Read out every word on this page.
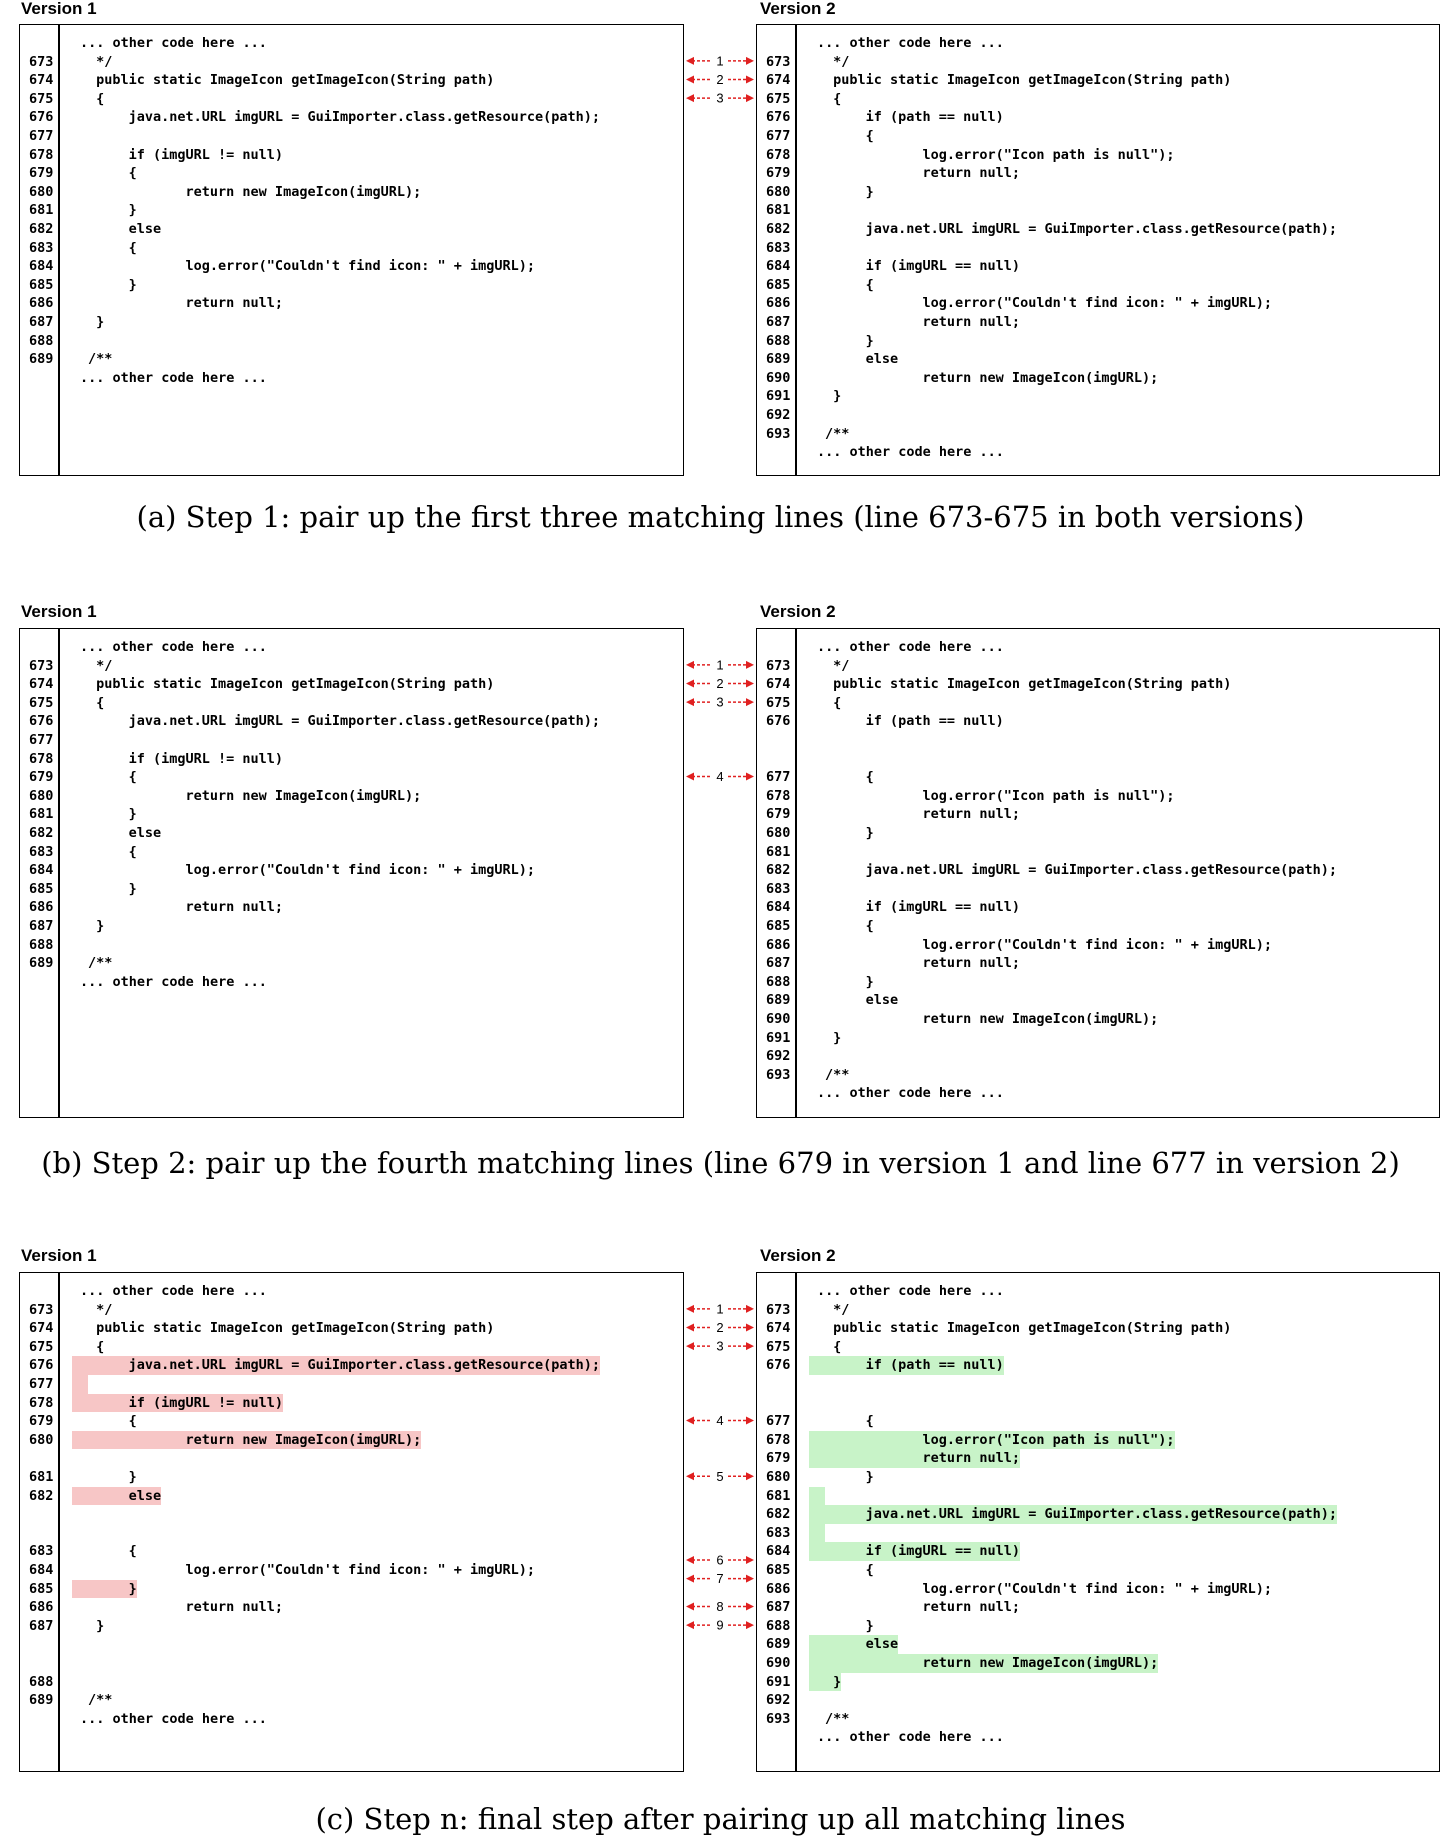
1
2
3
1
2
3
4
1
2
3
4
5
6
7
8
9
Version 1	Version 2
... other code here ...
673	*/
674	public static ImageIcon getImageIcon(String path)
675	{
676	java.net.URL imgURL = GuiImporter.class.getResource(path);
677
678	if (imgURL != null)
679	{
680	return new ImageIcon(imgURL);
681	}
682	else
683	{
684	log.error("Couldn't find icon: " + imgURL);
685	}
686	return null;
687	}
688
689	/**
... other code here ...
... other code here ...
673	*/
674	public static ImageIcon getImageIcon(String path)
675	{
676	if (path == null)
677	{
678	log.error("Icon path is null");
679	return null;
680	}
681
682	java.net.URL imgURL = GuiImporter.class.getResource(path);
683
684	if (imgURL == null)
685	{
686	log.error("Couldn't find icon: " + imgURL);
687	return null;
688	}
689	else
690	return new ImageIcon(imgURL);
691	}
692
693	/**
... other code here ...
(a) Step 1: pair up the first three matching lines (line 673-675 in both versions)
Version 1	Version 2
... other code here ...
673	*/
674	public static ImageIcon getImageIcon(String path)
675	{
676	java.net.URL imgURL = GuiImporter.class.getResource(path);
677
678	if (imgURL != null)
679	{
680	return new ImageIcon(imgURL);
681	}
682	else
683	{
684	log.error("Couldn't find icon: " + imgURL);
685	}
686	return null;
687	}
688
689	/**
... other code here ...
... other code here ...
673	*/
674	public static ImageIcon getImageIcon(String path)
675	{
676	if (path == null)
677	{
678	log.error("Icon path is null");
679	return null;
680	}
681
682	java.net.URL imgURL = GuiImporter.class.getResource(path);
683
684	if (imgURL == null)
685	{
686	log.error("Couldn't find icon: " + imgURL);
687	return null;
688	}
689	else
690	return new ImageIcon(imgURL);
691	}
692
693	/**
... other code here ...
(b) Step 2: pair up the fourth matching lines (line 679 in version 1 and line 677 in version 2)
Version 1	Version 2
... other code here ...
673	*/
674	public static ImageIcon getImageIcon(String path)
675	{
676	java.net.URL imgURL = GuiImporter.class.getResource(path);
677
678	if (imgURL != null)
679	{
680	return new ImageIcon(imgURL);
681	}
682	else
683	{
684	log.error("Couldn't find icon: " + imgURL);
685	}
686	return null;
687	}
688
689	/**
... other code here ...
... other code here ...
673	*/
674	public static ImageIcon getImageIcon(String path)
675	{
676	if (path == null)
677	{
678	log.error("Icon path is null");
679	return null;
680	}
681
682	java.net.URL imgURL = GuiImporter.class.getResource(path);
683
684	if (imgURL == null)
685	{
686	log.error("Couldn't find icon: " + imgURL);
687	return null;
688	}
689	else
690	return new ImageIcon(imgURL);
691	}
692
693	/**
... other code here ...
(c) Step n: final step after pairing up all matching lines
